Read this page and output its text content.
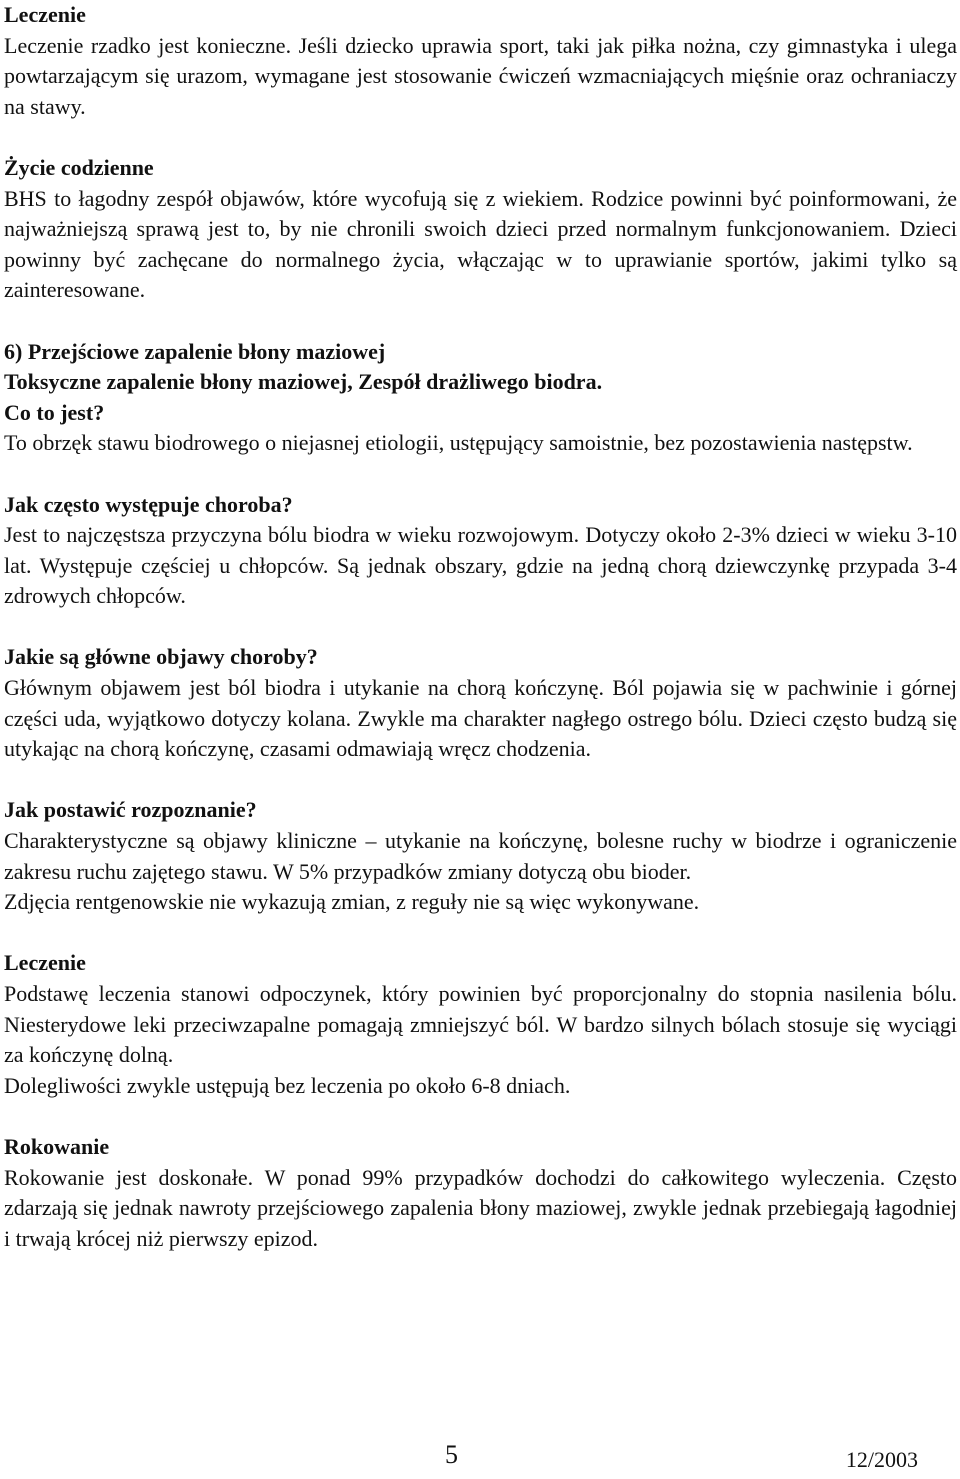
Leczenie

Leczenie rzadko jest konieczne. Jeśli dziecko uprawia sport, taki jak piłka nożna, czy gimnastyka i ulega powtarzającym się urazom, wymagane jest stosowanie ćwiczeń wzmacniających mięśnie oraz ochraniaczy na stawy.

Życie codzienne

BHS to łagodny zespół objawów, które wycofują się z wiekiem. Rodzice powinni być poinformowani, że najważniejszą sprawą jest to, by nie chronili swoich dzieci przed normalnym funkcjonowaniem. Dzieci powinny być zachęcane do normalnego życia, włączając w to uprawianie sportów, jakimi tylko są zainteresowane.

6) Przejściowe zapalenie błony maziowej
Toksyczne zapalenie błony maziowej, Zespół drażliwego biodra.
Co to jest?

To obrzęk stawu biodrowego o niejasnej etiologii, ustępujący samoistnie, bez pozostawienia następstw.

Jak często występuje choroba?

Jest to najczęstsza przyczyna bólu biodra w wieku rozwojowym. Dotyczy około 2-3% dzieci w wieku 3-10 lat. Występuje częściej u chłopców. Są jednak obszary, gdzie na jedną chorą dziewczynkę przypada 3-4 zdrowych chłopców.

Jakie są główne objawy choroby?

Głównym objawem jest ból biodra i utykanie na chorą kończynę. Ból pojawia się w pachwinie i górnej części uda, wyjątkowo dotyczy kolana. Zwykle ma charakter nagłego ostrego bólu. Dzieci często budzą się utykając na chorą kończynę, czasami odmawiają wręcz chodzenia.

Jak postawić rozpoznanie?

Charakterystyczne są objawy kliniczne – utykanie na kończynę, bolesne ruchy w biodrze i ograniczenie zakresu ruchu zajętego stawu. W 5% przypadków zmiany dotyczą obu bioder.

Zdjęcia rentgenowskie nie wykazują zmian, z reguły nie są więc wykonywane.

Leczenie

Podstawę leczenia stanowi odpoczynek, który powinien być proporcjonalny do stopnia nasilenia bólu. Niesterydowe leki przeciwzapalne pomagają zmniejszyć ból. W bardzo silnych bólach stosuje się wyciągi za kończynę dolną.

Dolegliwości zwykle ustępują bez leczenia po około 6-8 dniach.

Rokowanie

Rokowanie jest doskonałe. W ponad 99% przypadków dochodzi do całkowitego wyleczenia. Często zdarzają się jednak nawroty przejściowego zapalenia błony maziowej, zwykle jednak przebiegają łagodniej i trwają krócej niż pierwszy epizod.

5	12/2003
